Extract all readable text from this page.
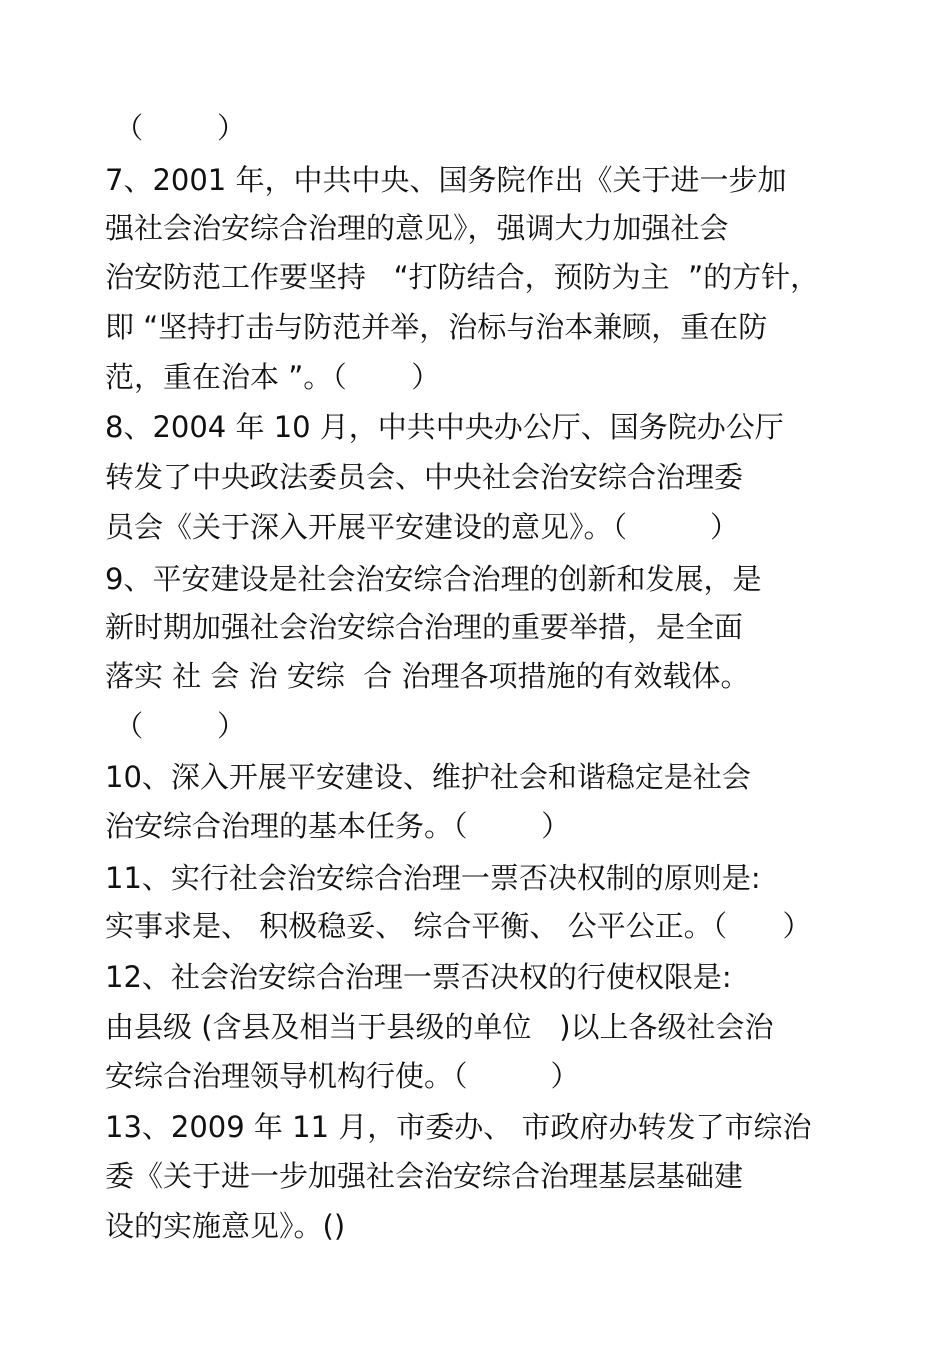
（        ）
7、2001 年，中共中央、国务院作出《关于进一步加
强社会治安综合治理的意见》，强调大力加强社会
治安防范工作要坚持   “打防结合，预防为主  ”的方针，
即 “坚持打击与防范并举，治标与治本兼顾，重在防
范，重在治本 ”。（       ）
8、2004 年 10 月，中共中央办公厅、国务院办公厅
转发了中央政法委员会、中央社会治安综合治理委
员会《关于深入开展平安建设的意见》。（         ）
9、平安建设是社会治安综合治理的创新和发展，是
新时期加强社会治安综合治理的重要举措，是全面
落实 社 会 治 安综  合 治理各项措施的有效载体。
（        ）
10、深入开展平安建设、维护社会和谐稳定是社会
治安综合治理的基本任务。（        ）
11、实行社会治安综合治理一票否决权制的原则是:
实事求是、 积极稳妥、 综合平衡、 公平公正。（      ）
12、社会治安综合治理一票否决权的行使权限是:
由县级 (含县及相当于县级的单位   )以上各级社会治
安综合治理领导机构行使。（         ）
13、2009 年 11 月，市委办、 市政府办转发了市综治
委《关于进一步加强社会治安综合治理基层基础建
设的实施意见》。()
